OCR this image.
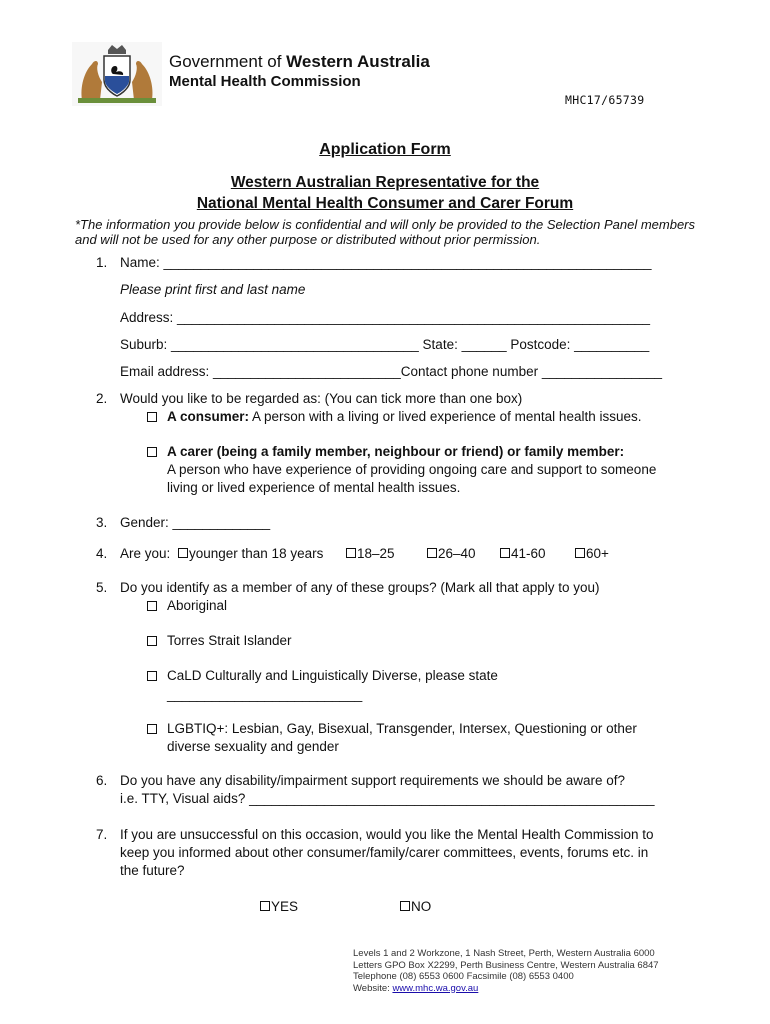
Government of Western Australia
Mental Health Commission
MHC17/65739
Application Form
Western Australian Representative for the
National Mental Health Consumer and Carer Forum
*The information you provide below is confidential and will only be provided to the Selection Panel members and will not be used for any other purpose or distributed without prior permission.
1. Name: _________________________________________________________________
Please print first and last name
Address: _______________________________________________________________
Suburb: _________________________________ State: ______ Postcode: __________
Email address: _________________________Contact phone number ________________
2. Would you like to be regarded as: (You can tick more than one box)
A consumer: A person with a living or lived experience of mental health issues.
A carer (being a family member, neighbour or friend) or family member:
A person who have experience of providing ongoing care and support to someone
living or lived experience of mental health issues.
3. Gender: _____________
4. Are you:	younger than 18 years	18–25	26–40	41-60	60+
5. Do you identify as a member of any of these groups? (Mark all that apply to you)
Aboriginal
Torres Strait Islander
CaLD Culturally and Linguistically Diverse, please state
__________________________
LGBTIQ+: Lesbian, Gay, Bisexual, Transgender, Intersex, Questioning or other
diverse sexuality and gender
6. Do you have any disability/impairment support requirements we should be aware of?
i.e. TTY, Visual aids? ______________________________________________________
7. If you are unsuccessful on this occasion, would you like the Mental Health Commission to
keep you informed about other consumer/family/carer committees, events, forums etc. in
the future?
YES	NO
Levels 1 and 2 Workzone, 1 Nash Street, Perth, Western Australia 6000
Letters GPO Box X2299, Perth Business Centre, Western Australia 6847
Telephone (08) 6553 0600 Facsimile (08) 6553 0400
Website: www.mhc.wa.gov.au
